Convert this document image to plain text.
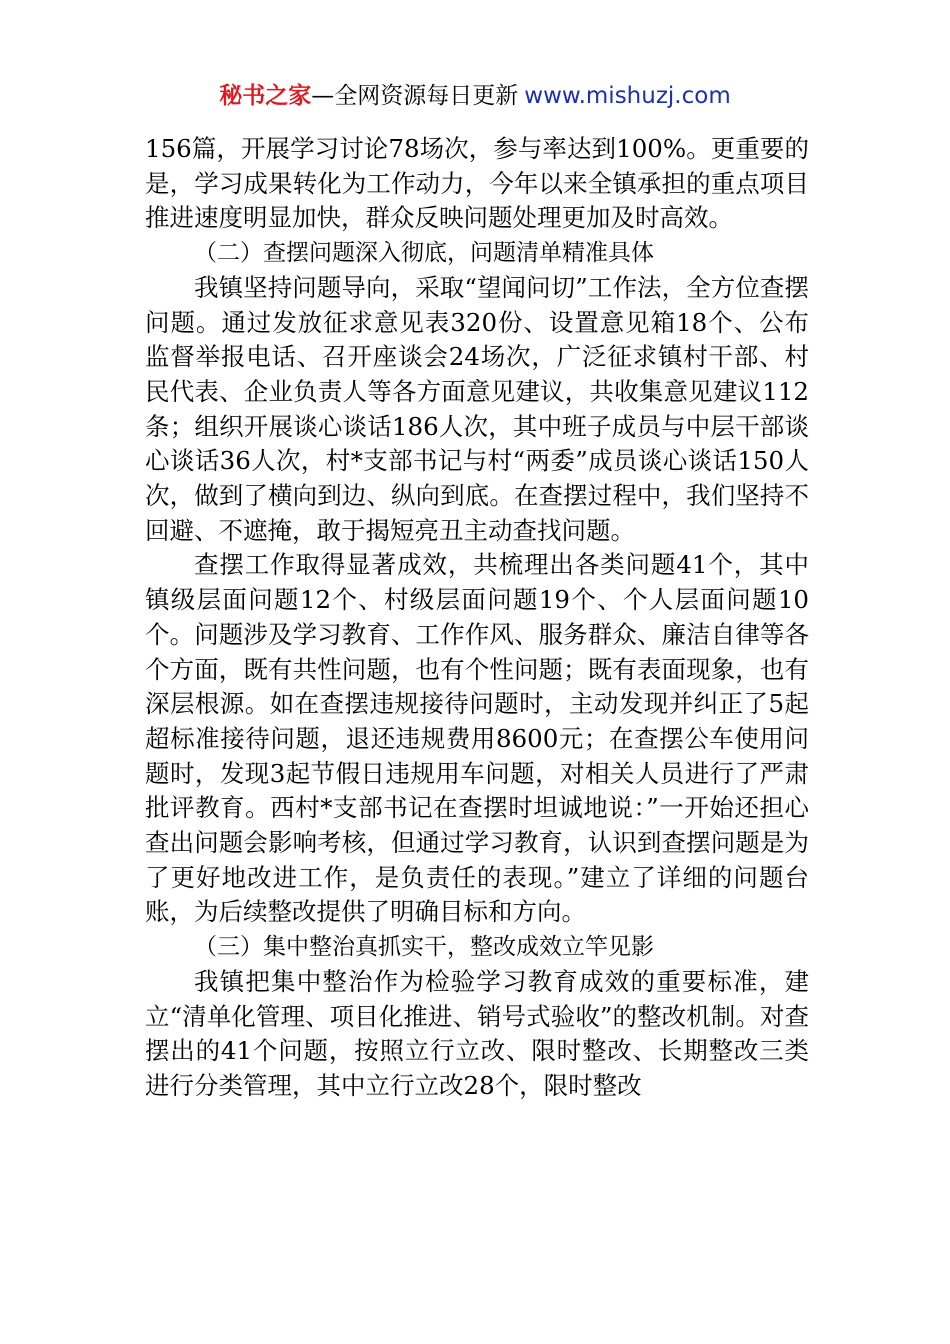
秘书之家—全网资源每日更新 www.mishuzj.com

156篇，开展学习讨论78场次，参与率达到100%。更重要的是，学习成果转化为工作动力，今年以来全镇承担的重点项目推进速度明显加快，群众反映问题处理更加及时高效。

（二）查摆问题深入彻底，问题清单精准具体

我镇坚持问题导向，采取“望闻问切”工作法，全方位查摆问题。通过发放征求意见表320份、设置意见箱18个、公布监督举报电话、召开座谈会24场次，广泛征求镇村干部、村民代表、企业负责人等各方面意见建议，共收集意见建议112条；组织开展谈心谈话186人次，其中班子成员与中层干部谈心谈话36人次，村*支部书记与村“两委”成员谈心谈话150人次，做到了横向到边、纵向到底。在查摆过程中，我们坚持不回避、不遮掩，敢于揭短亮丑主动查找问题。

查摆工作取得显著成效，共梳理出各类问题41个，其中镇级层面问题12个、村级层面问题19个、个人层面问题10个。问题涉及学习教育、工作作风、服务群众、廉洁自律等各个方面，既有共性问题，也有个性问题；既有表面现象，也有深层根源。如在查摆违规接待问题时，主动发现并纠正了5起超标准接待问题，退还违规费用8600元；在查摆公车使用问题时，发现3起节假日违规用车问题，对相关人员进行了严肃批评教育。西村*支部书记在查摆时坦诚地说：”一开始还担心查出问题会影响考核，但通过学习教育，认识到查摆问题是为了更好地改进工作，是负责任的表现。”建立了详细的问题台账，为后续整改提供了明确目标和方向。

（三）集中整治真抓实干，整改成效立竿见影

我镇把集中整治作为检验学习教育成效的重要标准，建立“清单化管理、项目化推进、销号式验收”的整改机制。对查摆出的41个问题，按照立行立改、限时整改、长期整改三类进行分类管理，其中立行立改28个，限时整改
